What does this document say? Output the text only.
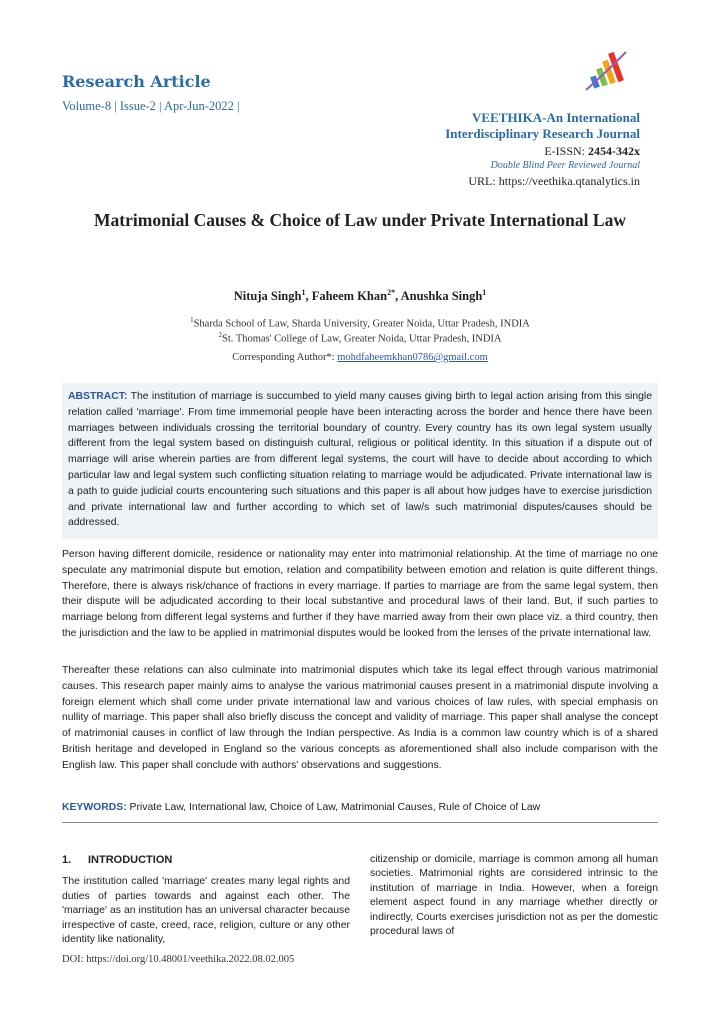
Research Article
Volume-8 | Issue-2 | Apr-Jun-2022 |
VEETHIKA-An International
Interdisciplinary Research Journal
E-ISSN: 2454-342x
Double Blind Peer Reviewed Journal
URL: https://veethika.qtanalytics.in
Matrimonial Causes & Choice of Law under Private International Law
Nituja Singh$^1$, Faheem Khan$^{2*}$, Anushka Singh$^1$
$^1$Sharda School of Law, Sharda University, Greater Noida, Uttar Pradesh, INDIA
$^2$St. Thomas' College of Law, Greater Noida, Uttar Pradesh, INDIA
Corresponding Author*: mohdfaheemkhan0786@gmail.com
ABSTRACT: The institution of marriage is succumbed to yield many causes giving birth to legal action arising from this single relation called 'marriage'. From time immemorial people have been interacting across the border and hence there have been marriages between individuals crossing the territorial boundary of country. Every country has its own legal system usually different from the legal system based on distinguish cultural, religious or political identity. In this situation if a dispute out of marriage will arise wherein parties are from different legal systems, the court will have to decide about according to which particular law and legal system such conflicting situation relating to marriage would be adjudicated. Private international law is a path to guide judicial courts encountering such situations and this paper is all about how judges have to exercise jurisdiction and private international law and further according to which set of law/s such matrimonial disputes/causes should be addressed.
Person having different domicile, residence or nationality may enter into matrimonial relationship. At the time of marriage no one speculate any matrimonial dispute but emotion, relation and compatibility between emotion and relation is quite different things. Therefore, there is always risk/chance of fractions in every marriage. If parties to marriage are from the same legal system, then their dispute will be adjudicated according to their local substantive and procedural laws of their land. But, if such parties to marriage belong from different legal systems and further if they have married away from their own place viz. a third country, then the jurisdiction and the law to be applied in matrimonial disputes would be looked from the lenses of the private international law.
Thereafter these relations can also culminate into matrimonial disputes which take its legal effect through various matrimonial causes. This research paper mainly aims to analyse the various matrimonial causes present in a matrimonial dispute involving a foreign element which shall come under private international law and various choices of law rules, with special emphasis on nullity of marriage. This paper shall also briefly discuss the concept and validity of marriage. This paper shall analyse the concept of matrimonial causes in conflict of law through the Indian perspective. As India is a common law country which is of a shared British heritage and developed in England so the various concepts as aforementioned shall also include comparison with the English law. This paper shall conclude with authors' observations and suggestions.
KEYWORDS: Private Law, International law, Choice of Law, Matrimonial Causes, Rule of Choice of Law
1. INTRODUCTION
The institution called 'marriage' creates many legal rights and duties of parties towards and against each other. The 'marriage' as an institution has an universal character because irrespective of caste, creed, race, religion, culture or any other identity like nationality,
citizenship or domicile, marriage is common among all human societies. Matrimonial rights are considered intrinsic to the institution of marriage in India. However, when a foreign element aspect found in any marriage whether directly or indirectly, Courts exercises jurisdiction not as per the domestic procedural laws of
DOI: https://doi.org/10.48001/veethika.2022.08.02.005
